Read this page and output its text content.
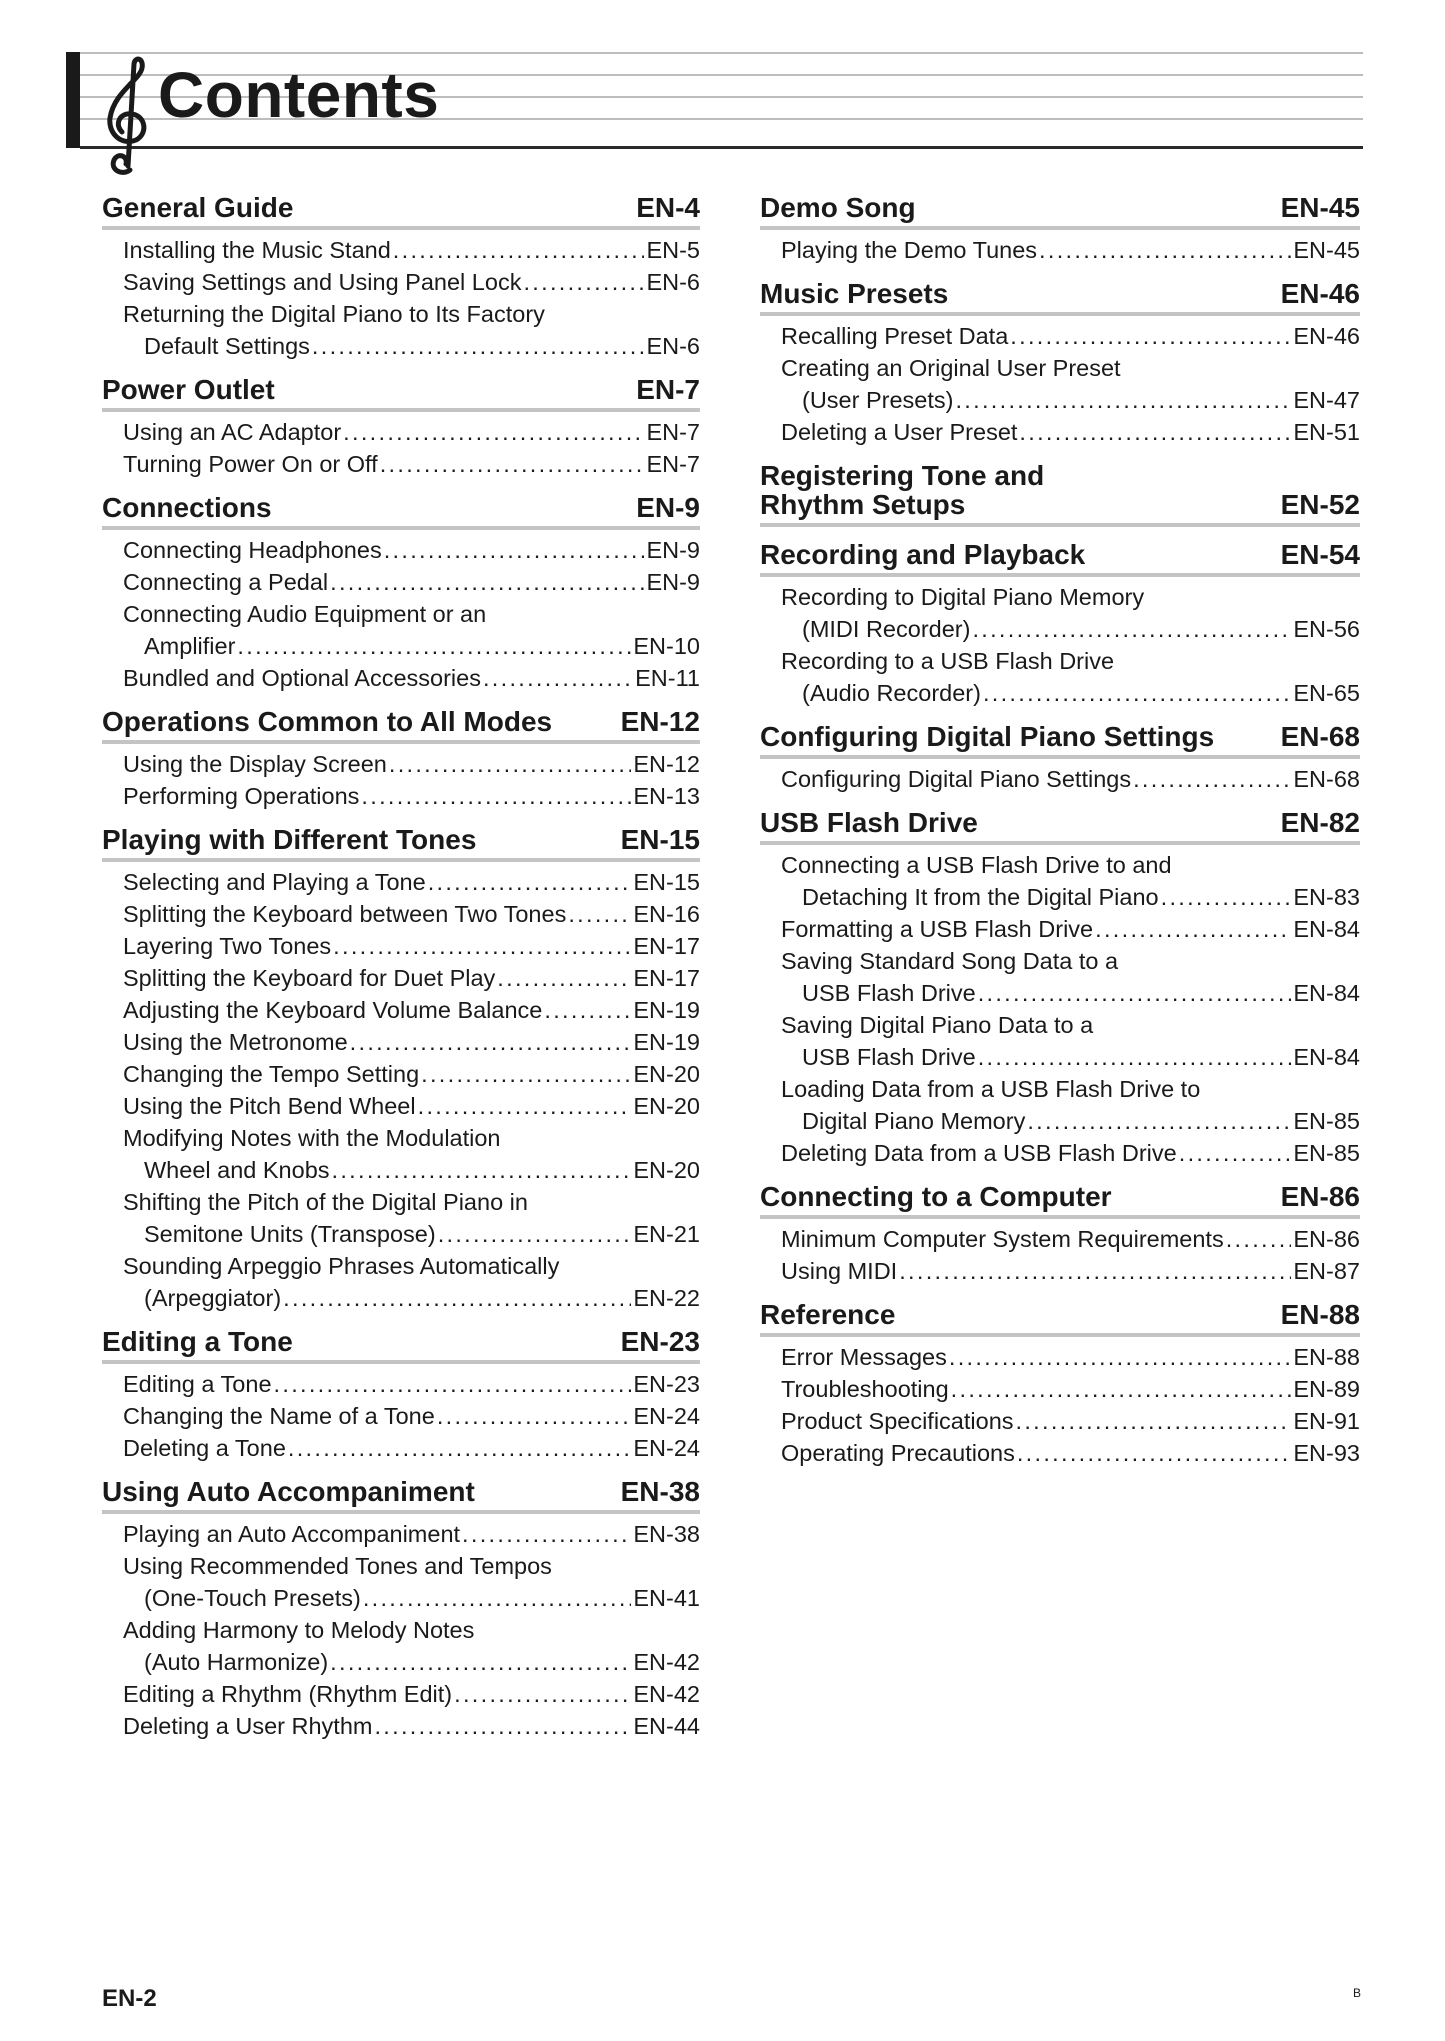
Contents
General Guide	EN-4
Installing the Music Stand .....	EN-5
Saving Settings and Using Panel Lock .....	EN-6
Returning the Digital Piano to Its Factory
Default Settings .....	EN-6
Power Outlet	EN-7
Using an AC Adaptor .....	EN-7
Turning Power On or Off .....	EN-7
Connections	EN-9
Connecting Headphones .....	EN-9
Connecting a Pedal .....	EN-9
Connecting Audio Equipment or an
Amplifier .....	EN-10
Bundled and Optional Accessories .....	EN-11
Operations Common to All Modes EN-12
Using the Display Screen .....	EN-12
Performing Operations .....	EN-13
Playing with Different Tones	EN-15
Selecting and Playing a Tone .....	EN-15
Splitting the Keyboard between Two Tones .....	EN-16
Layering Two Tones .....	EN-17
Splitting the Keyboard for Duet Play .....	EN-17
Adjusting the Keyboard Volume Balance .....	EN-19
Using the Metronome .....	EN-19
Changing the Tempo Setting .....	EN-20
Using the Pitch Bend Wheel .....	EN-20
Modifying Notes with the Modulation
Wheel and Knobs .....	EN-20
Shifting the Pitch of the Digital Piano in
Semitone Units (Transpose) .....	EN-21
Sounding Arpeggio Phrases Automatically
(Arpeggiator) .....	EN-22
Editing a Tone	EN-23
Editing a Tone .....	EN-23
Changing the Name of a Tone .....	EN-24
Deleting a Tone .....	EN-24
Using Auto Accompaniment	EN-38
Playing an Auto Accompaniment .....	EN-38
Using Recommended Tones and Tempos
(One-Touch Presets) .....	EN-41
Adding Harmony to Melody Notes
(Auto Harmonize) .....	EN-42
Editing a Rhythm (Rhythm Edit) .....	EN-42
Deleting a User Rhythm .....	EN-44
Demo Song	EN-45
Playing the Demo Tunes .....	EN-45
Music Presets	EN-46
Recalling Preset Data .....	EN-46
Creating an Original User Preset
(User Presets) .....	EN-47
Deleting a User Preset .....	EN-51
Registering Tone and
Rhythm Setups	EN-52
Recording and Playback	EN-54
Recording to Digital Piano Memory
(MIDI Recorder) .....	EN-56
Recording to a USB Flash Drive
(Audio Recorder) .....	EN-65
Configuring Digital Piano Settings EN-68
Configuring Digital Piano Settings .....	EN-68
USB Flash Drive	EN-82
Connecting a USB Flash Drive to and
Detaching It from the Digital Piano .....	EN-83
Formatting a USB Flash Drive .....	EN-84
Saving Standard Song Data to a
USB Flash Drive .....	EN-84
Saving Digital Piano Data to a
USB Flash Drive .....	EN-84
Loading Data from a USB Flash Drive to
Digital Piano Memory .....	EN-85
Deleting Data from a USB Flash Drive .....	EN-85
Connecting to a Computer	EN-86
Minimum Computer System Requirements .....	EN-86
Using MIDI .....	EN-87
Reference	EN-88
Error Messages .....	EN-88
Troubleshooting .....	EN-89
Product Specifications .....	EN-91
Operating Precautions .....	EN-93
EN-2	B
